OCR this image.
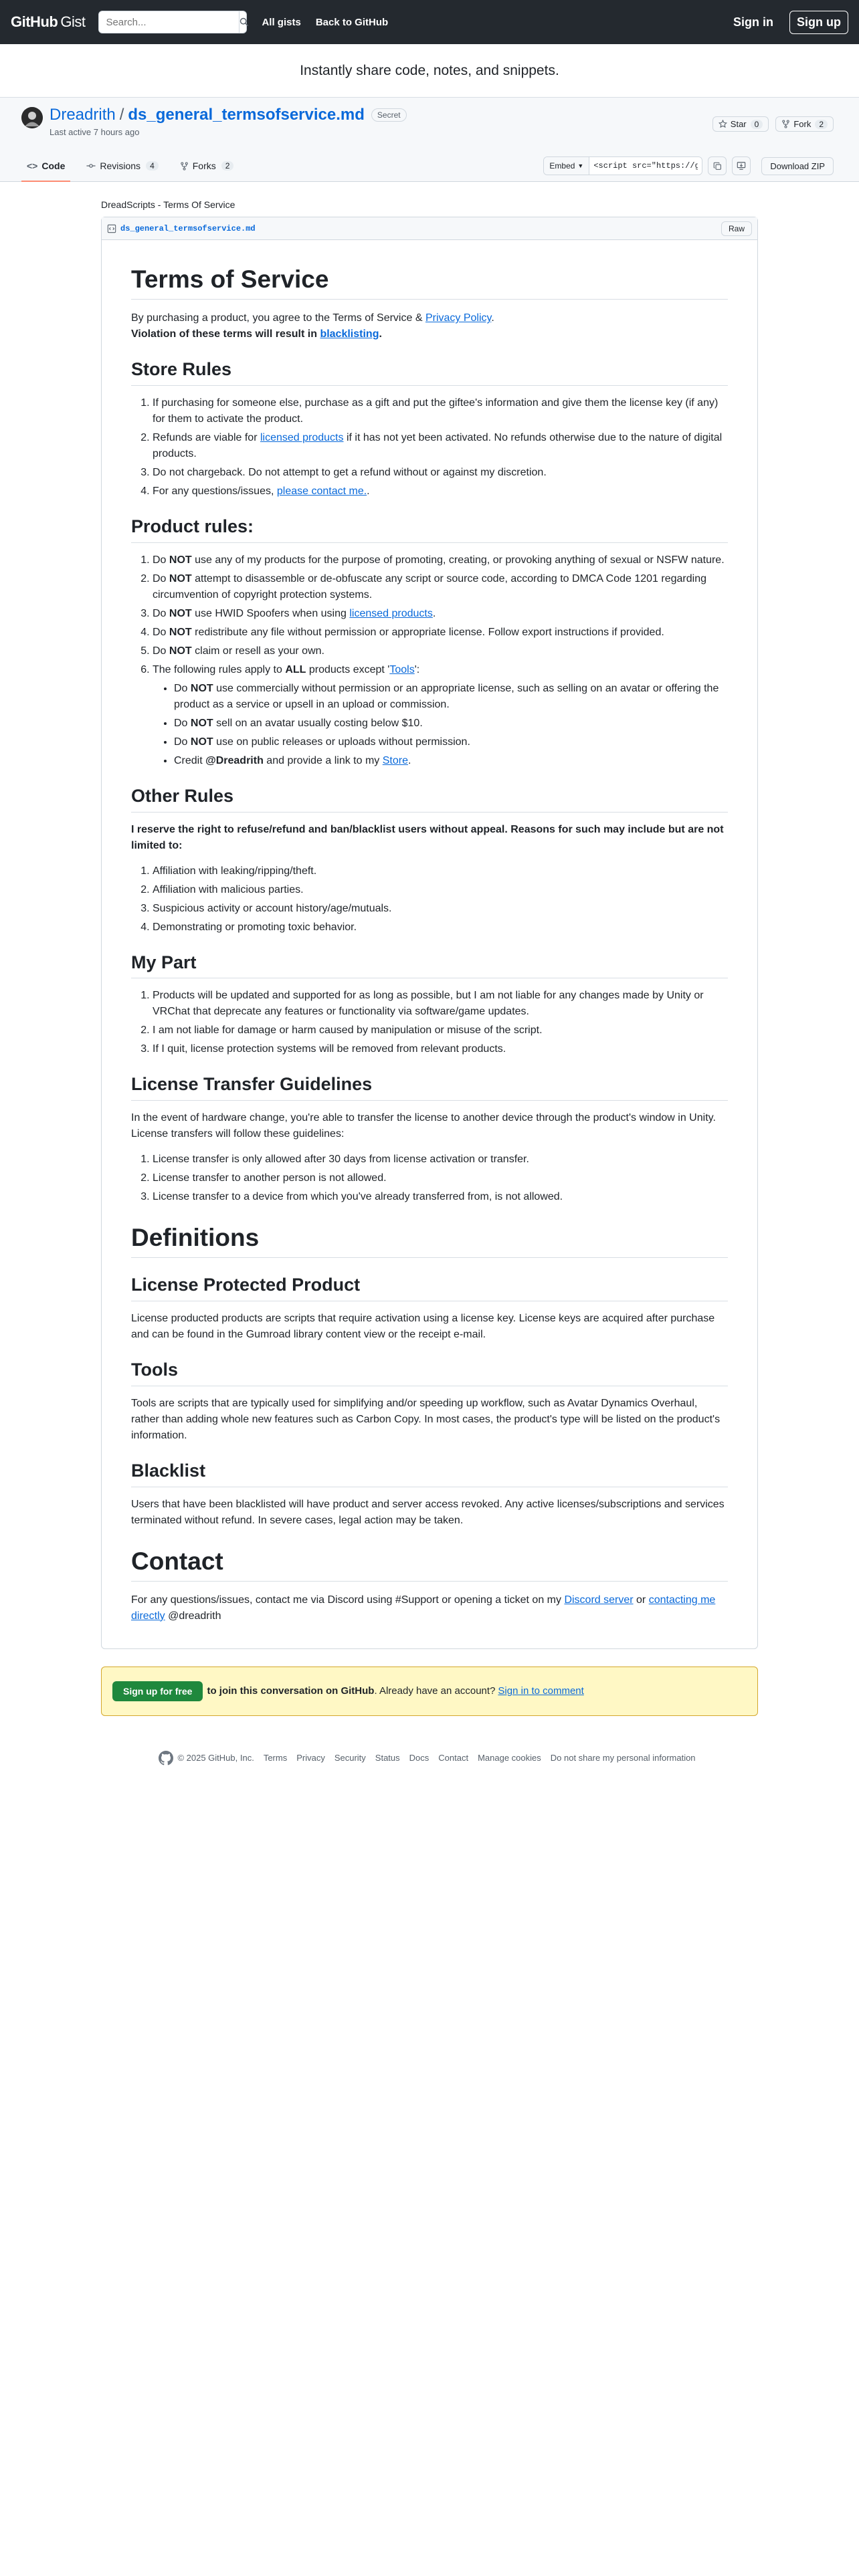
GitHub Gist
Search...	All gists Back to GitHub	Sign in	Sign up
Instantly share code, notes, and snippets.
Dreadrith / ds_general_termsofservice.md	Secret
Last active 7 hours ago
Star	0	Fork	2
<> Code	Revisions	4	Forks	2	Embed ▼
<script src="https://gist.github.com/	Download ZIP
DreadScripts - Terms Of Service
ds_general_termsofservice.md	Raw
Terms of Service

By purchasing a product, you agree to the Terms of Service & Privacy Policy.
Violation of these terms will result in blacklisting.

Store Rules
1. If purchasing for someone else, purchase as a gift and put the giftee's information and give them the license key (if any) for them to activate the product.
2. Refunds are viable for licensed products if it has not yet been activated. No refunds otherwise due to the nature of digital products.
3. Do not chargeback. Do not attempt to get a refund without or against my discretion.
4. For any questions/issues, please contact me..
Product rules:
1. Do NOT use any of my products for the purpose of promoting, creating, or provoking anything of sexual or NSFW nature.
2. Do NOT attempt to disassemble or de-obfuscate any script or source code, according to DMCA Code 1201 regarding circumvention of copyright protection systems.
3. Do NOT use HWID Spoofers when using licensed products.
4. Do NOT redistribute any file without permission or appropriate license. Follow export instructions if provided.
5. Do NOT claim or resell as your own.
6. The following rules apply to ALL products except 'Tools':
• Do NOT use commercially without permission or an appropriate license, such as selling on an avatar or offering the product as a service or upsell in an upload or commission.
• Do NOT sell on an avatar usually costing below $10.
• Do NOT use on public releases or uploads without permission.
• Credit @Dreadrith and provide a link to my Store.
Other Rules

I reserve the right to refuse/refund and ban/blacklist users without appeal. Reasons for such may include but are not limited to:

1. Affiliation with leaking/ripping/theft.
2. Affiliation with malicious parties.
3. Suspicious activity or account history/age/mutuals.
4. Demonstrating or promoting toxic behavior.
My Part
1. Products will be updated and supported for as long as possible, but I am not liable for any changes made by Unity or VRChat that deprecate any features or functionality via software/game updates.
2. I am not liable for damage or harm caused by manipulation or misuse of the script.
3. If I quit, license protection systems will be removed from relevant products.
License Transfer Guidelines

In the event of hardware change, you're able to transfer the license to another device through the product's window in Unity. License transfers will follow these guidelines:

1. License transfer is only allowed after 30 days from license activation or transfer.
2. License transfer to another person is not allowed.
3. License transfer to a device from which you've already transferred from, is not allowed.
Definitions
License Protected Product

License producted products are scripts that require activation using a license key. License keys are acquired after purchase and can be found in the Gumroad library content view or the receipt e-mail.

Tools

Tools are scripts that are typically used for simplifying and/or speeding up workflow, such as Avatar Dynamics Overhaul, rather than adding whole new features such as Carbon Copy. In most cases, the product's type will be listed on the product's information.

Blacklist

Users that have been blacklisted will have product and server access revoked. Any active licenses/subscriptions and services terminated without refund. In severe cases, legal action may be taken.

Contact

For any questions/issues, contact me via Discord using #Support or opening a ticket on my Discord server or contacting me directly @dreadrith

Sign up for free	to join this conversation on GitHub . Already have an account? Sign in to comment
© 2025 GitHub, Inc. Terms Privacy Security Status Docs Contact Manage cookies Do not share my personal information
